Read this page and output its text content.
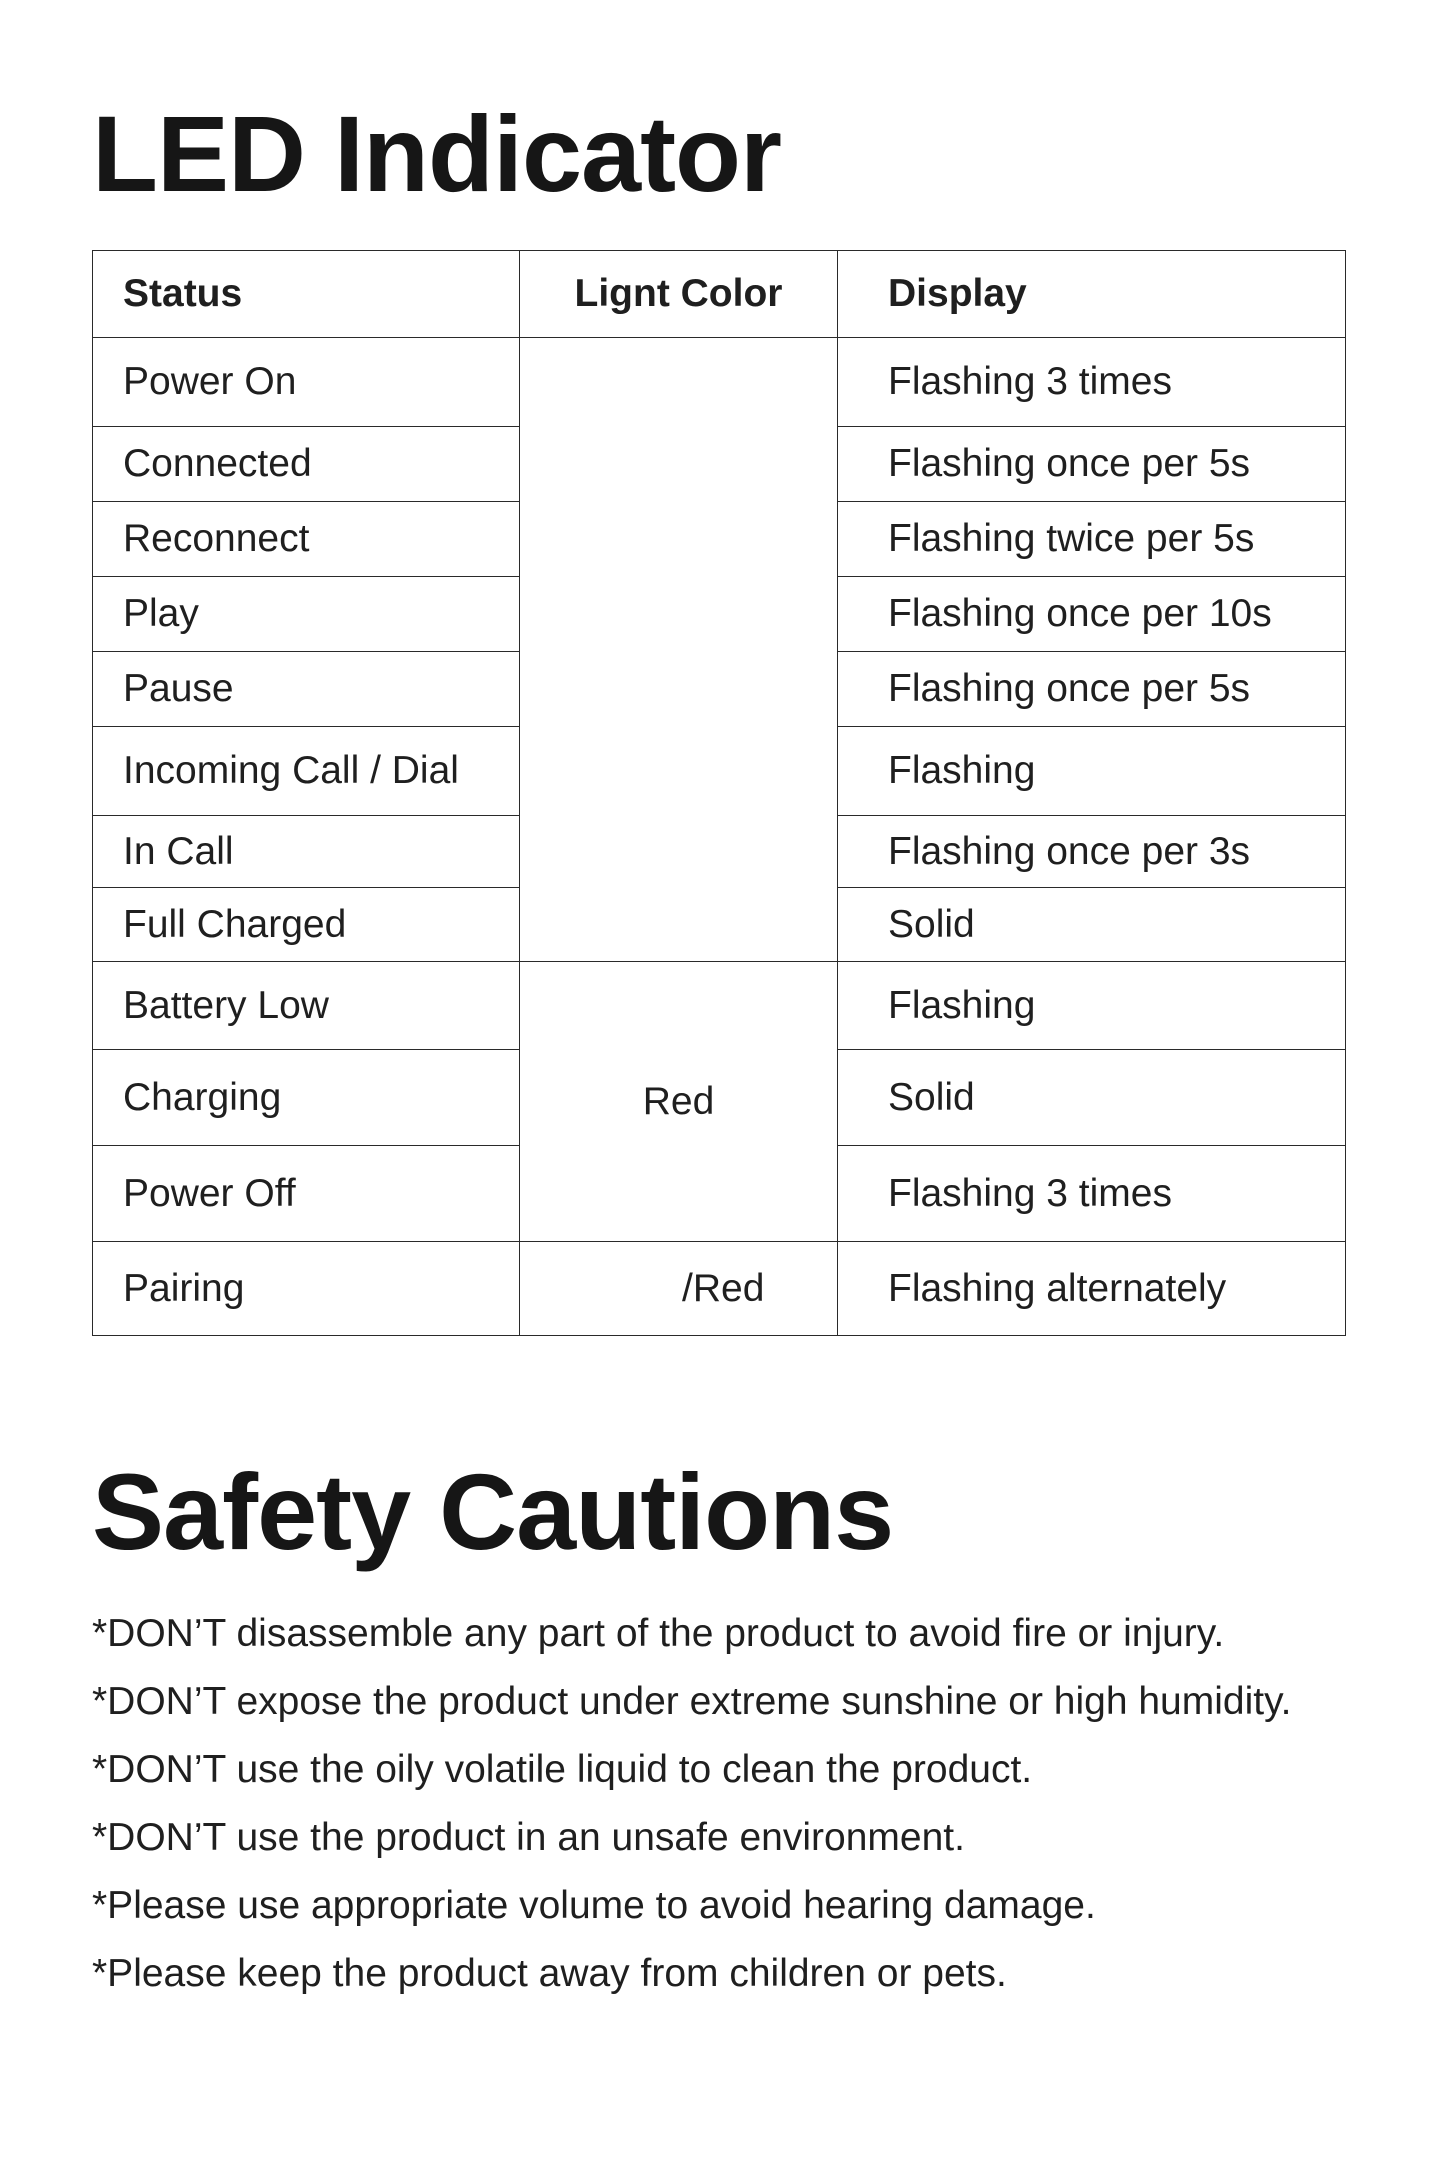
LED Indicator
Status	Lignt Color	Display
Power On		Flashing 3 times
Connected		Flashing once per 5s
Reconnect		Flashing twice per 5s
Play		Flashing once per 10s
Pause		Flashing once per 5s
Incoming Call / Dial		Flashing
In Call		Flashing once per 3s
Full Charged		Solid
Battery Low	Red	Flashing
Charging		Solid
Power Off		Flashing 3 times
Pairing	/Red	Flashing alternately
Safety Cautions
*DON’T disassemble any part of the product to avoid fire or injury.
*DON’T expose the product under extreme sunshine or high humidity.
*DON’T use the oily volatile liquid to clean the product.
*DON’T use the product in an unsafe environment.
*Please use appropriate volume to avoid hearing damage.
*Please keep the product away from children or pets.
